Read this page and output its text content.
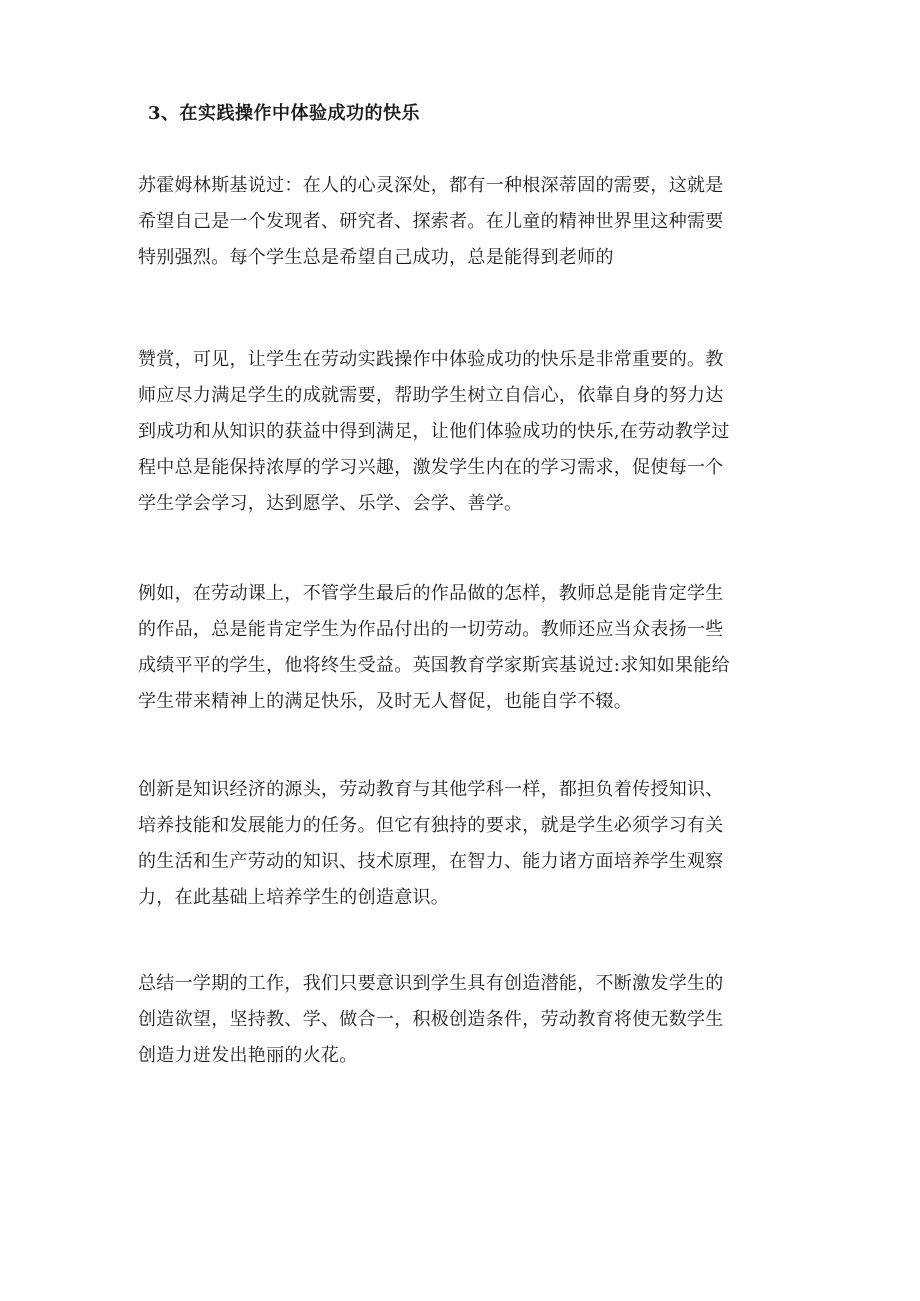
3、在实践操作中体验成功的快乐
苏霍姆林斯基说过：在人的心灵深处，都有一种根深蒂固的需要，这就是
希望自己是一个发现者、研究者、探索者。在儿童的精神世界里这种需要
特别强烈。每个学生总是希望自己成功，总是能得到老师的
赞赏，可见，让学生在劳动实践操作中体验成功的快乐是非常重要的。教
师应尽力满足学生的成就需要，帮助学生树立自信心，依靠自身的努力达
到成功和从知识的获益中得到满足，让他们体验成功的快乐,在劳动教学过
程中总是能保持浓厚的学习兴趣，激发学生内在的学习需求，促使每一个
学生学会学习，达到愿学、乐学、会学、善学。
例如，在劳动课上，不管学生最后的作品做的怎样，教师总是能肯定学生
的作品，总是能肯定学生为作品付出的一切劳动。教师还应当众表扬一些
成绩平平的学生，他将终生受益。英国教育学家斯宾基说过:求知如果能给
学生带来精神上的满足快乐，及时无人督促，也能自学不辍。
创新是知识经济的源头，劳动教育与其他学科一样，都担负着传授知识、
培养技能和发展能力的任务。但它有独持的要求，就是学生必须学习有关
的生活和生产劳动的知识、技术原理，在智力、能力诸方面培养学生观察
力，在此基础上培养学生的创造意识。
总结一学期的工作，我们只要意识到学生具有创造潜能，不断激发学生的
创造欲望，坚持教、学、做合一，积极创造条件，劳动教育将使无数学生
创造力迸发出艳丽的火花。
